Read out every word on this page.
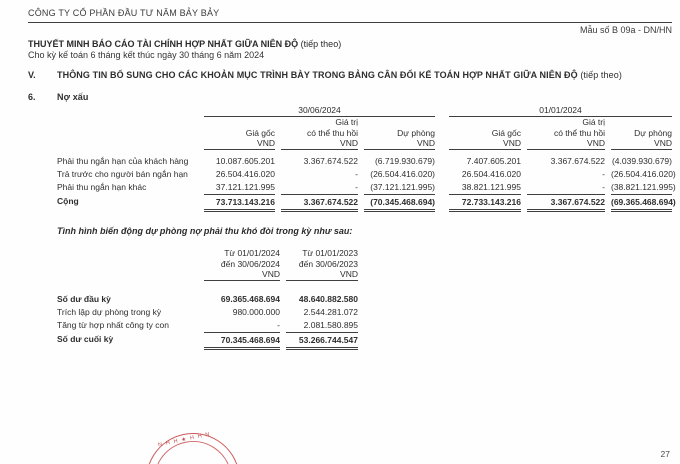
CÔNG TY CỔ PHẦN ĐẦU TƯ NĂM BẢY BẢY
Mẫu số B 09a - DN/HN
THUYẾT MINH BÁO CÁO TÀI CHÍNH HỢP NHẤT GIỮA NIÊN ĐỘ (tiếp theo)
Cho kỳ kế toán 6 tháng kết thúc ngày 30 tháng 6 năm 2024
V.	THÔNG TIN BỔ SUNG CHO CÁC KHOẢN MỤC TRÌNH BÀY TRONG BẢNG CÂN ĐỐI KẾ TOÁN HỢP NHẤT GIỮA NIÊN ĐỘ (tiếp theo)
6.	Nợ xấu
30/06/2024	01/01/2024
Giá gốc
VND
Giá trị
có thể thu hồi
VND
Dự phòng
VND
Giá gốc
VND
Giá trị
có thể thu hồi
VND
Dự phòng
VND
Phải thu ngắn hạn của khách hàng	10.087.605.201	3.367.674.522	(6.719.930.679)	7.407.605.201	3.367.674.522 (4.039.930.679)
Trả trước cho người bán ngắn hạn	26.504.416.020	-	(26.504.416.020)	26.504.416.020	- (26.504.416.020)
Phải thu ngắn hạn khác	37.121.121.995	-	(37.121.121.995)	38.821.121.995	- (38.821.121.995)
Cộng	73.713.143.216	3.367.674.522	(70.345.468.694)	72.733.143.216	3.367.674.522 (69.365.468.694)
Tình hình biến động dự phòng nợ phải thu khó đòi trong kỳ như sau:
Từ 01/01/2024
đến 30/06/2024
VND
Từ 01/01/2023
đến 30/06/2023
VND
Số dư đầu kỳ	69.365.468.694	48.640.882.580
Trích lập dự phòng trong kỳ	980.000.000	2.544.281.072
Tăng từ hợp nhất công ty con	-	2.081.580.895
Số dư cuối kỳ	70.345.468.694	53.266.744.547
N H H ★ H H N
27
